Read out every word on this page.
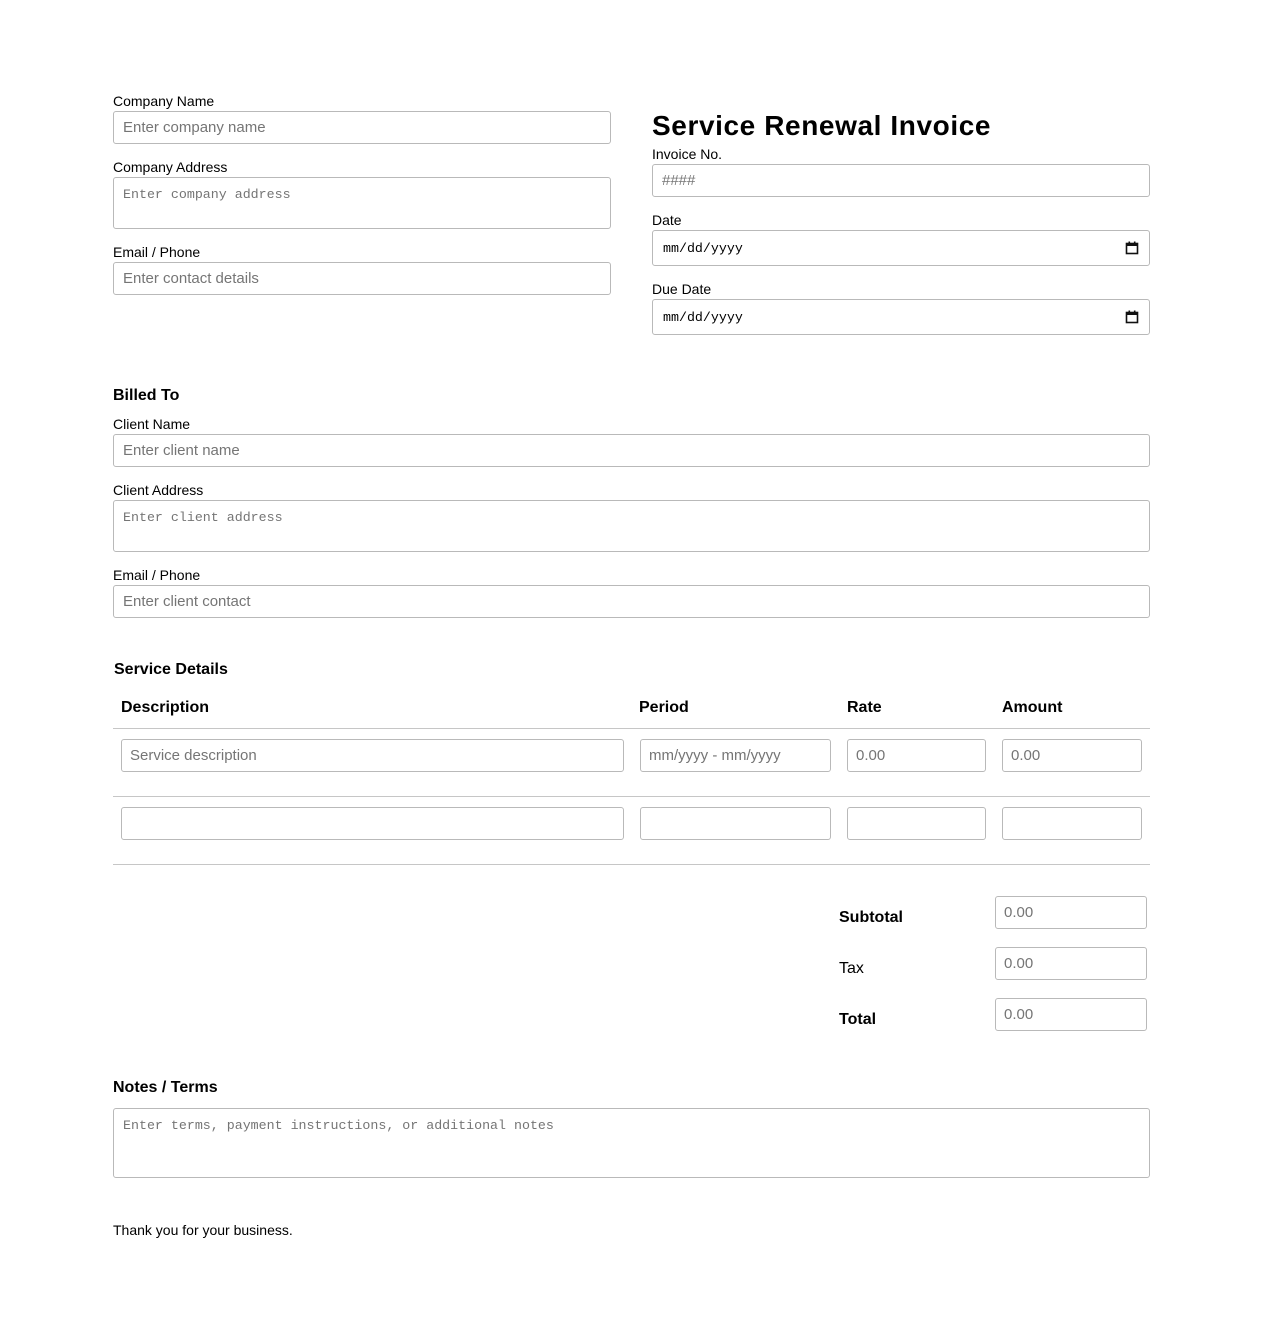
Company Name
Enter company name
Company Address
Enter company address
Email / Phone
Enter contact details
Service Renewal Invoice
Invoice No.
####
Date
mm/dd/yyyy
Due Date
mm/dd/yyyy
Billed To
Client Name
Enter client name
Client Address
Enter client address
Email / Phone
Enter client contact
Service Details
Description	Period	Rate	Amount
Service description	mm/yyyy - mm/yyyy	0.00	0.00
Subtotal	0.00
Tax	0.00
Total	0.00
Notes / Terms
Enter terms, payment instructions, or additional notes
Thank you for your business.
